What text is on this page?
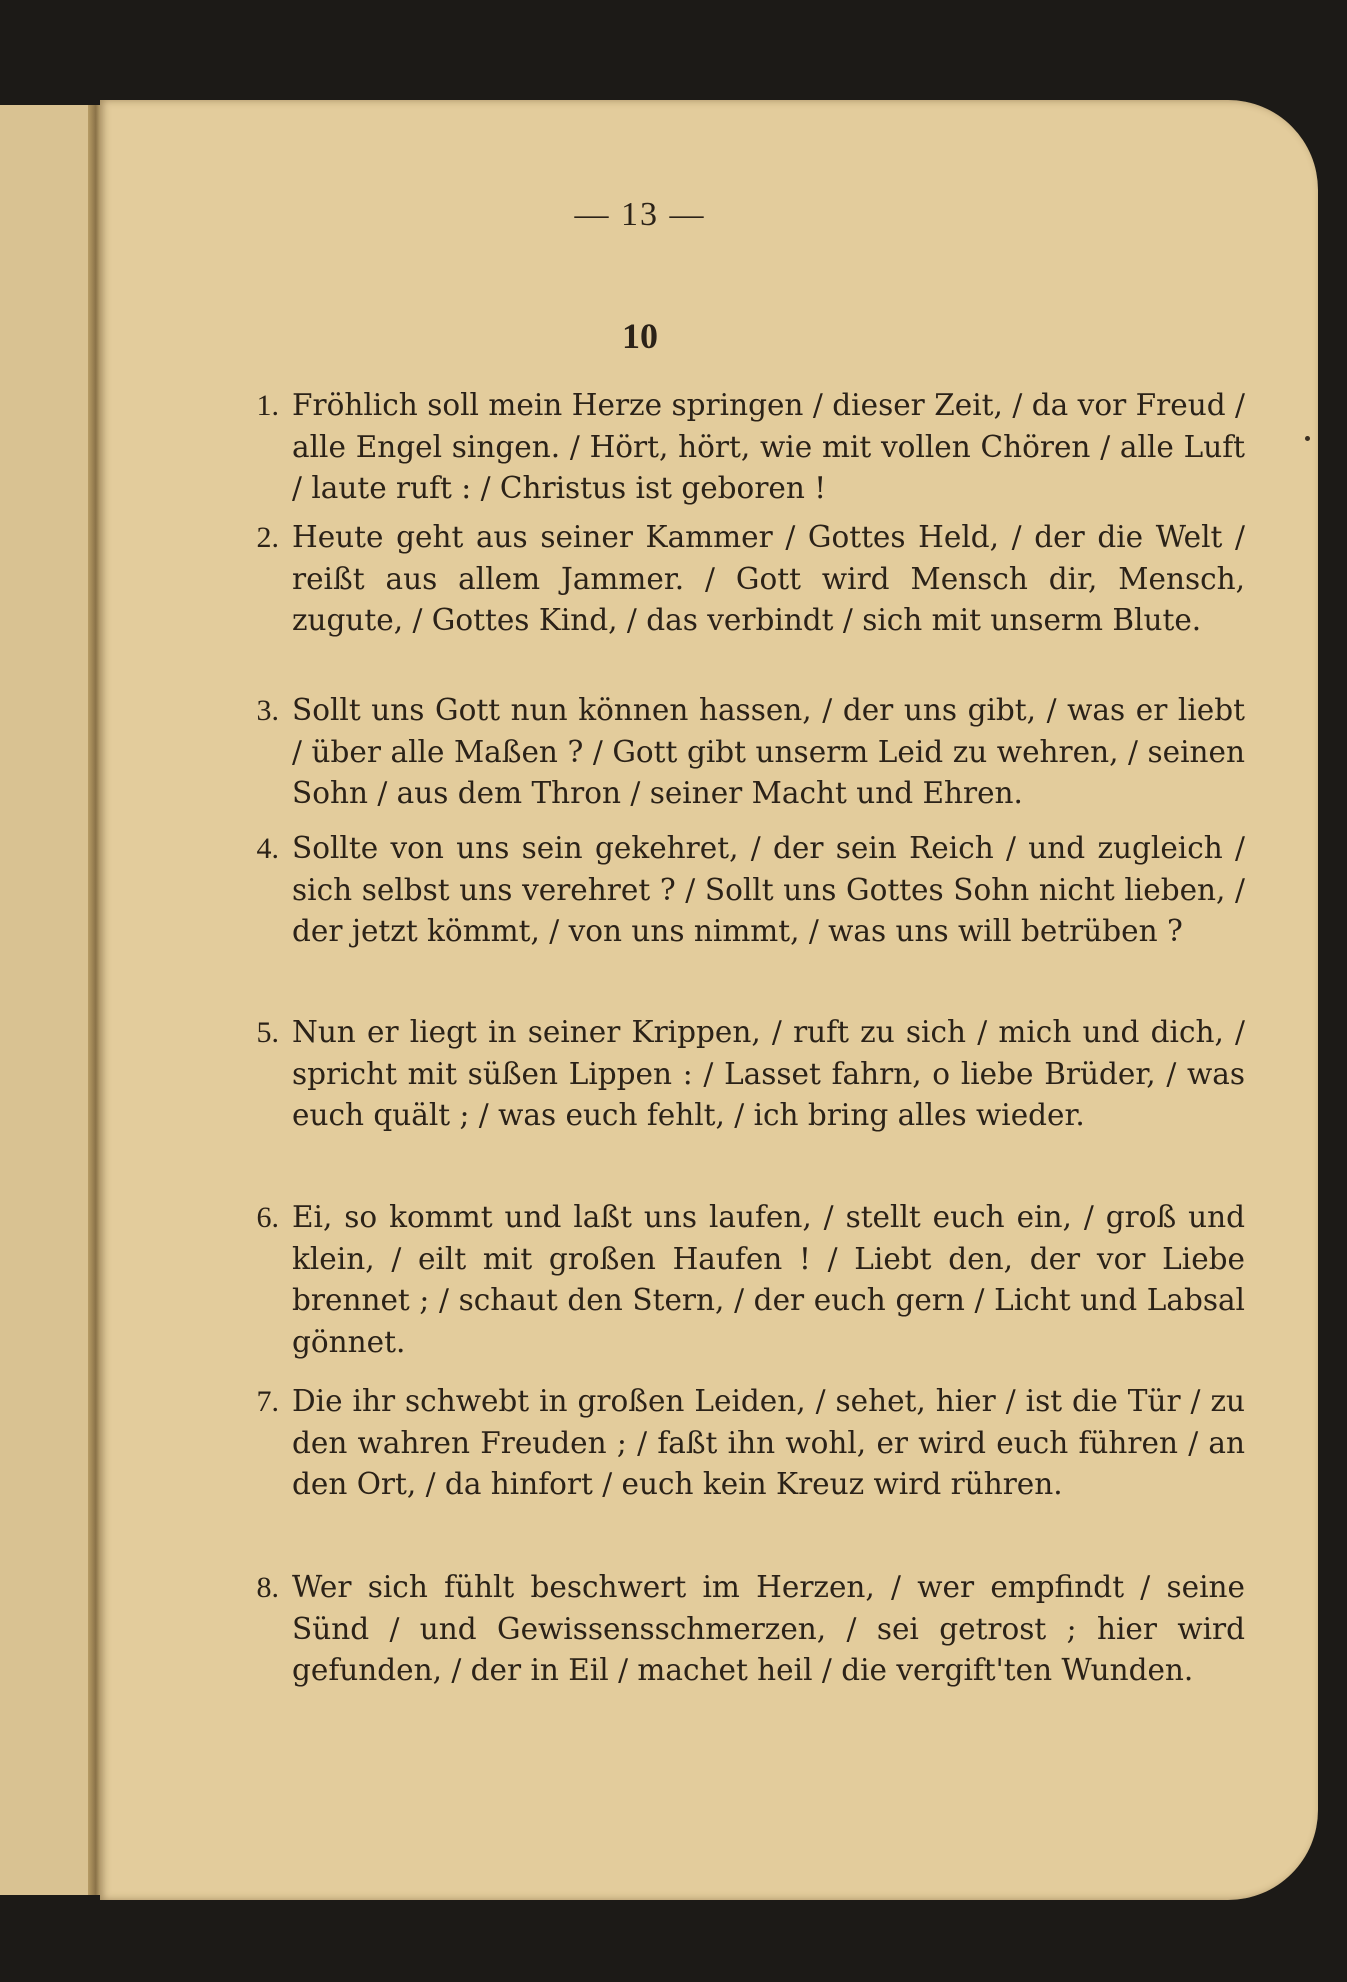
— 13 —
10
1. Fröhlich soll mein Herze springen / dieser Zeit, / da vor Freud / alle Engel singen. / Hört, hört, wie mit vollen Chören / alle Luft / laute ruft : / Christus ist geboren !
2. Heute geht aus seiner Kammer / Gottes Held, / der die Welt / reißt aus allem Jammer. / Gott wird Mensch dir, Mensch, zugute, / Gottes Kind, / das verbindt / sich mit unserm Blute.
3. Sollt uns Gott nun können hassen, / der uns gibt, / was er liebt / über alle Maßen ? / Gott gibt unserm Leid zu wehren, / seinen Sohn / aus dem Thron / seiner Macht und Ehren.
4. Sollte von uns sein gekehret, / der sein Reich / und zugleich / sich selbst uns verehret ? / Sollt uns Gottes Sohn nicht lieben, / der jetzt kömmt, / von uns nimmt, / was uns will betrüben ?
5. Nun er liegt in seiner Krippen, / ruft zu sich / mich und dich, / spricht mit süßen Lippen : / Lasset fahrn, o liebe Brüder, / was euch quält ; / was euch fehlt, / ich bring alles wieder.
6. Ei, so kommt und laßt uns laufen, / stellt euch ein, / groß und klein, / eilt mit großen Haufen ! / Liebt den, der vor Liebe brennet ; / schaut den Stern, / der euch gern / Licht und Labsal gönnet.
7. Die ihr schwebt in großen Leiden, / sehet, hier / ist die Tür / zu den wahren Freuden ; / faßt ihn wohl, er wird euch führen / an den Ort, / da hinfort / euch kein Kreuz wird rühren.
8. Wer sich fühlt beschwert im Herzen, / wer empfindt / seine Sünd / und Gewissensschmerzen, / sei getrost ; hier wird gefunden, / der in Eil / machet heil / die vergift'ten Wunden.
